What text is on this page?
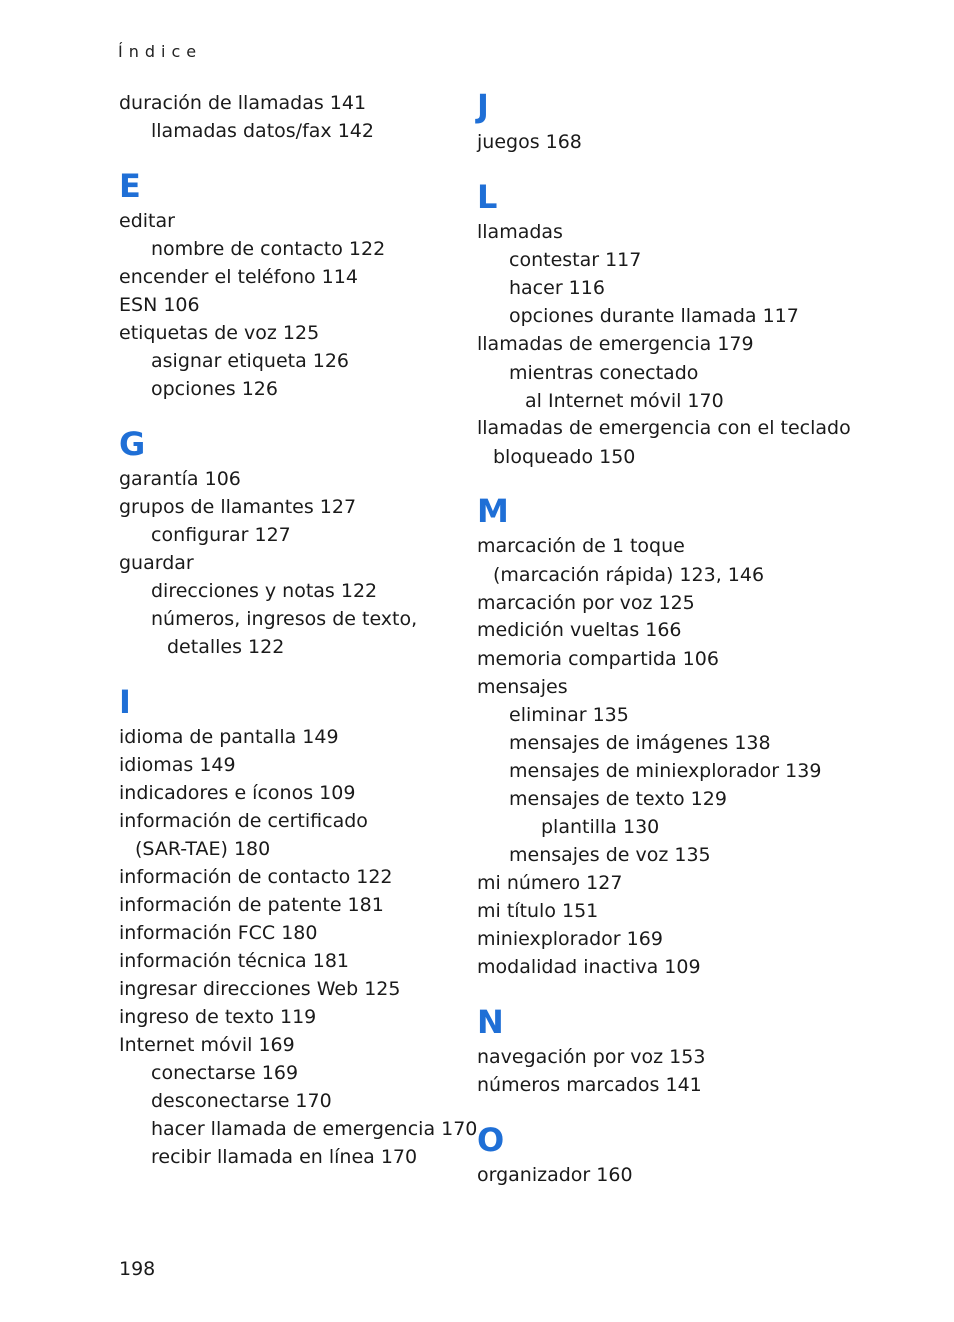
Índice
duración de llamadas 141
llamadas datos/fax 142
E
editar
nombre de contacto 122
encender el teléfono 114
ESN 106
etiquetas de voz 125
asignar etiqueta 126
opciones 126
G
garantía 106
grupos de llamantes 127
configurar 127
guardar
direcciones y notas 122
números, ingresos de texto,
detalles 122
I
idioma de pantalla 149
idiomas 149
indicadores e íconos 109
información de certificado
(SAR-TAE) 180
información de contacto 122
información de patente 181
información FCC 180
información técnica 181
ingresar direcciones Web 125
ingreso de texto 119
Internet móvil 169
conectarse 169
desconectarse 170
hacer llamada de emergencia 170
recibir llamada en línea 170
J
juegos 168
L
llamadas
contestar 117
hacer 116
opciones durante llamada 117
llamadas de emergencia 179
mientras conectado
al Internet móvil 170
llamadas de emergencia con el teclado
bloqueado 150
M
marcación de 1 toque
(marcación rápida) 123, 146
marcación por voz 125
medición vueltas 166
memoria compartida 106
mensajes
eliminar 135
mensajes de imágenes 138
mensajes de miniexplorador 139
mensajes de texto 129
plantilla 130
mensajes de voz 135
mi número 127
mi título 151
miniexplorador 169
modalidad inactiva 109
N
navegación por voz 153
números marcados 141
O
organizador 160
198
